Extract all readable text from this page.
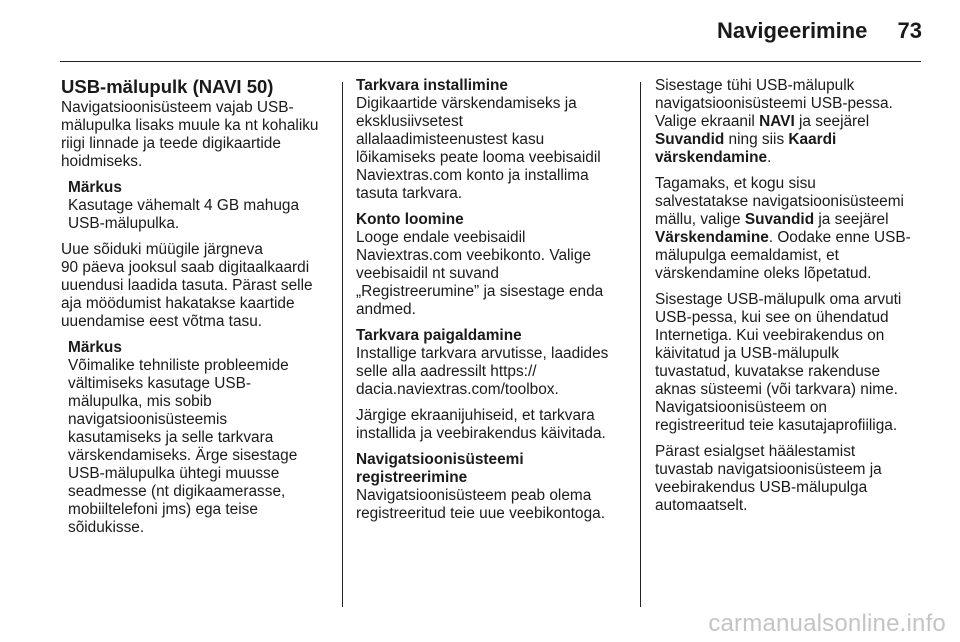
Navigeerimine 73
USB-mälupulk (NAVI 50)

Navigatsioonisüsteem vajab USB-
mälupulka lisaks muule ka nt kohaliku
riigi linnade ja teede digikaartide
hoidmiseks.

Märkus
Kasutage vähemalt 4 GB mahuga
USB-mälupulka.

Uue sõiduki müügile järgneva
90 päeva jooksul saab digitaalkaardi
uuendusi laadida tasuta. Pärast selle
aja möödumist hakatakse kaartide
uuendamise eest võtma tasu.

Märkus
Võimalike tehniliste probleemide
vältimiseks kasutage USB-
mälupulka, mis sobib
navigatsioonisüsteemis
kasutamiseks ja selle tarkvara
värskendamiseks. Ärge sisestage
USB-mälupulka ühtegi muusse
seadmesse (nt digikaamerasse,
mobiiltelefoni jms) ega teise
sõidukisse.

Tarkvara installimine
Digikaartide värskendamiseks ja
eksklusiivsetest
allalaadimisteenustest kasu
lõikamiseks peate looma veebisaidil
Naviextras.com konto ja installima
tasuta tarkvara.

Konto loomine
Looge endale veebisaidil
Naviextras.com veebikonto. Valige
veebisaidil nt suvand
„Registreerumine” ja sisestage enda
andmed.

Tarkvara paigaldamine
Installige tarkvara arvutisse, laadides
selle alla aadressilt https://
dacia.naviextras.com/toolbox.

Järgige ekraanijuhiseid, et tarkvara
installida ja veebirakendus käivitada.

Navigatsioonisüsteemi
registreerimine
Navigatsioonisüsteem peab olema
registreeritud teie uue veebikontoga.

Sisestage tühi USB-mälupulk
navigatsioonisüsteemi USB-pessa.
Valige ekraanil NAVI ja seejärel
Suvandid ning siis Kaardi
värskendamine.

Tagamaks, et kogu sisu
salvestatakse navigatsioonisüsteemi
mällu, valige Suvandid ja seejärel
Värskendamine. Oodake enne USB-
mälupulga eemaldamist, et
värskendamine oleks lõpetatud.

Sisestage USB-mälupulk oma arvuti
USB-pessa, kui see on ühendatud
Internetiga. Kui veebirakendus on
käivitatud ja USB-mälupulk
tuvastatud, kuvatakse rakenduse
aknas süsteemi (või tarkvara) nime.
Navigatsioonisüsteem on
registreeritud teie kasutajaprofiiliga.

Pärast esialgset häälestamist
tuvastab navigatsioonisüsteem ja
veebirakendus USB-mälupulga
automaatselt.

carmanualsonline.info
